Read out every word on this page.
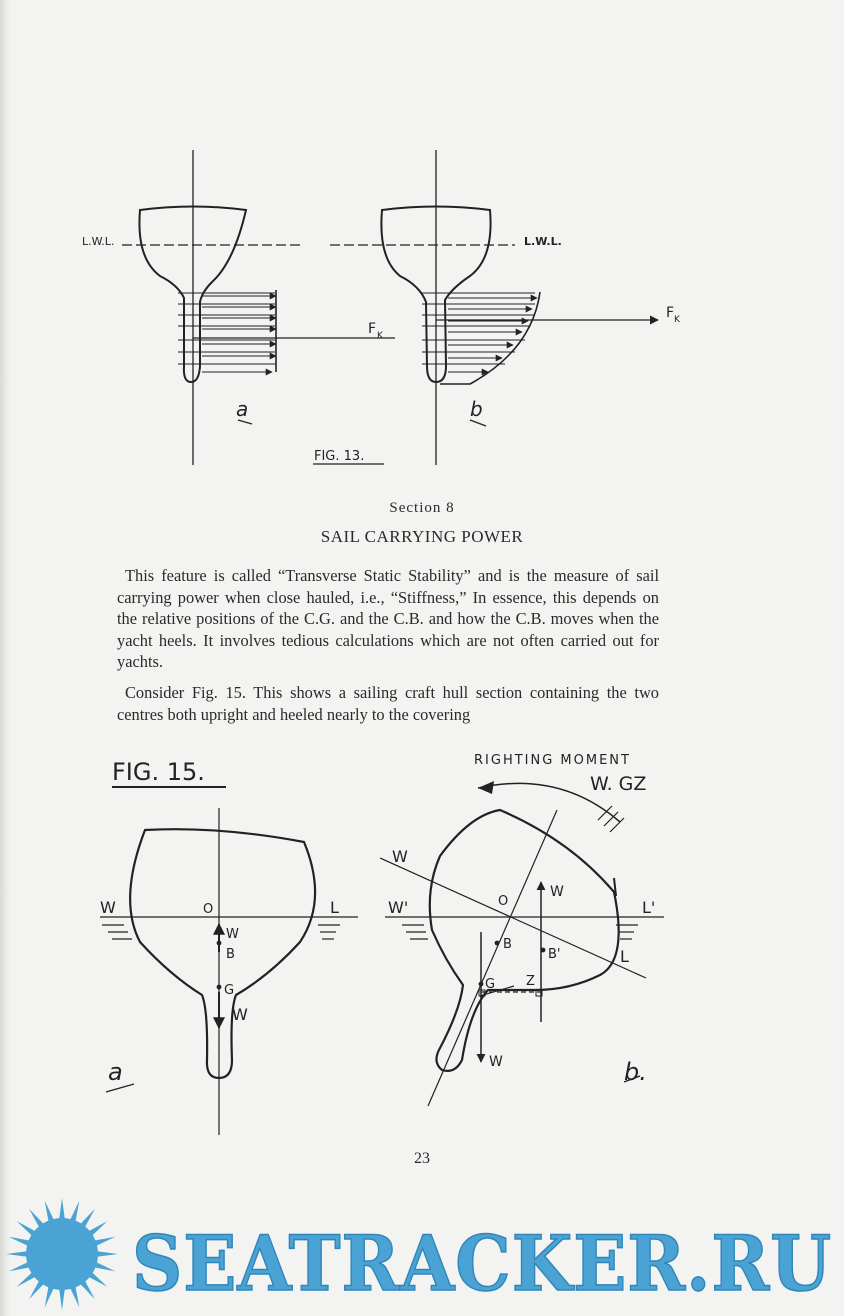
L.W.L.	L.W.L.
F K
F K
a	b
FIG. 13.
Section 8
SAIL CARRYING POWER
This feature is called “Transverse Static Stability” and is the measure of sail carrying power when close hauled, i.e., “Stiffness,” In essence, this depends on the relative positions of the C.G. and the C.B. and how the C.B. moves when the yacht heels. It involves tedious calculations which are not often carried out for yachts.
Consider Fig. 15. This shows a sailing craft hull section containing the two centres both upright and heeled nearly to the covering
FIG. 15.	RIGHTING MOMENT
W. GZ
W	L
O
W
B
G
W
a
W
L
W'	L'
O
B
B'
G Z
W
W	b.
23
SEATRACKER.RU
